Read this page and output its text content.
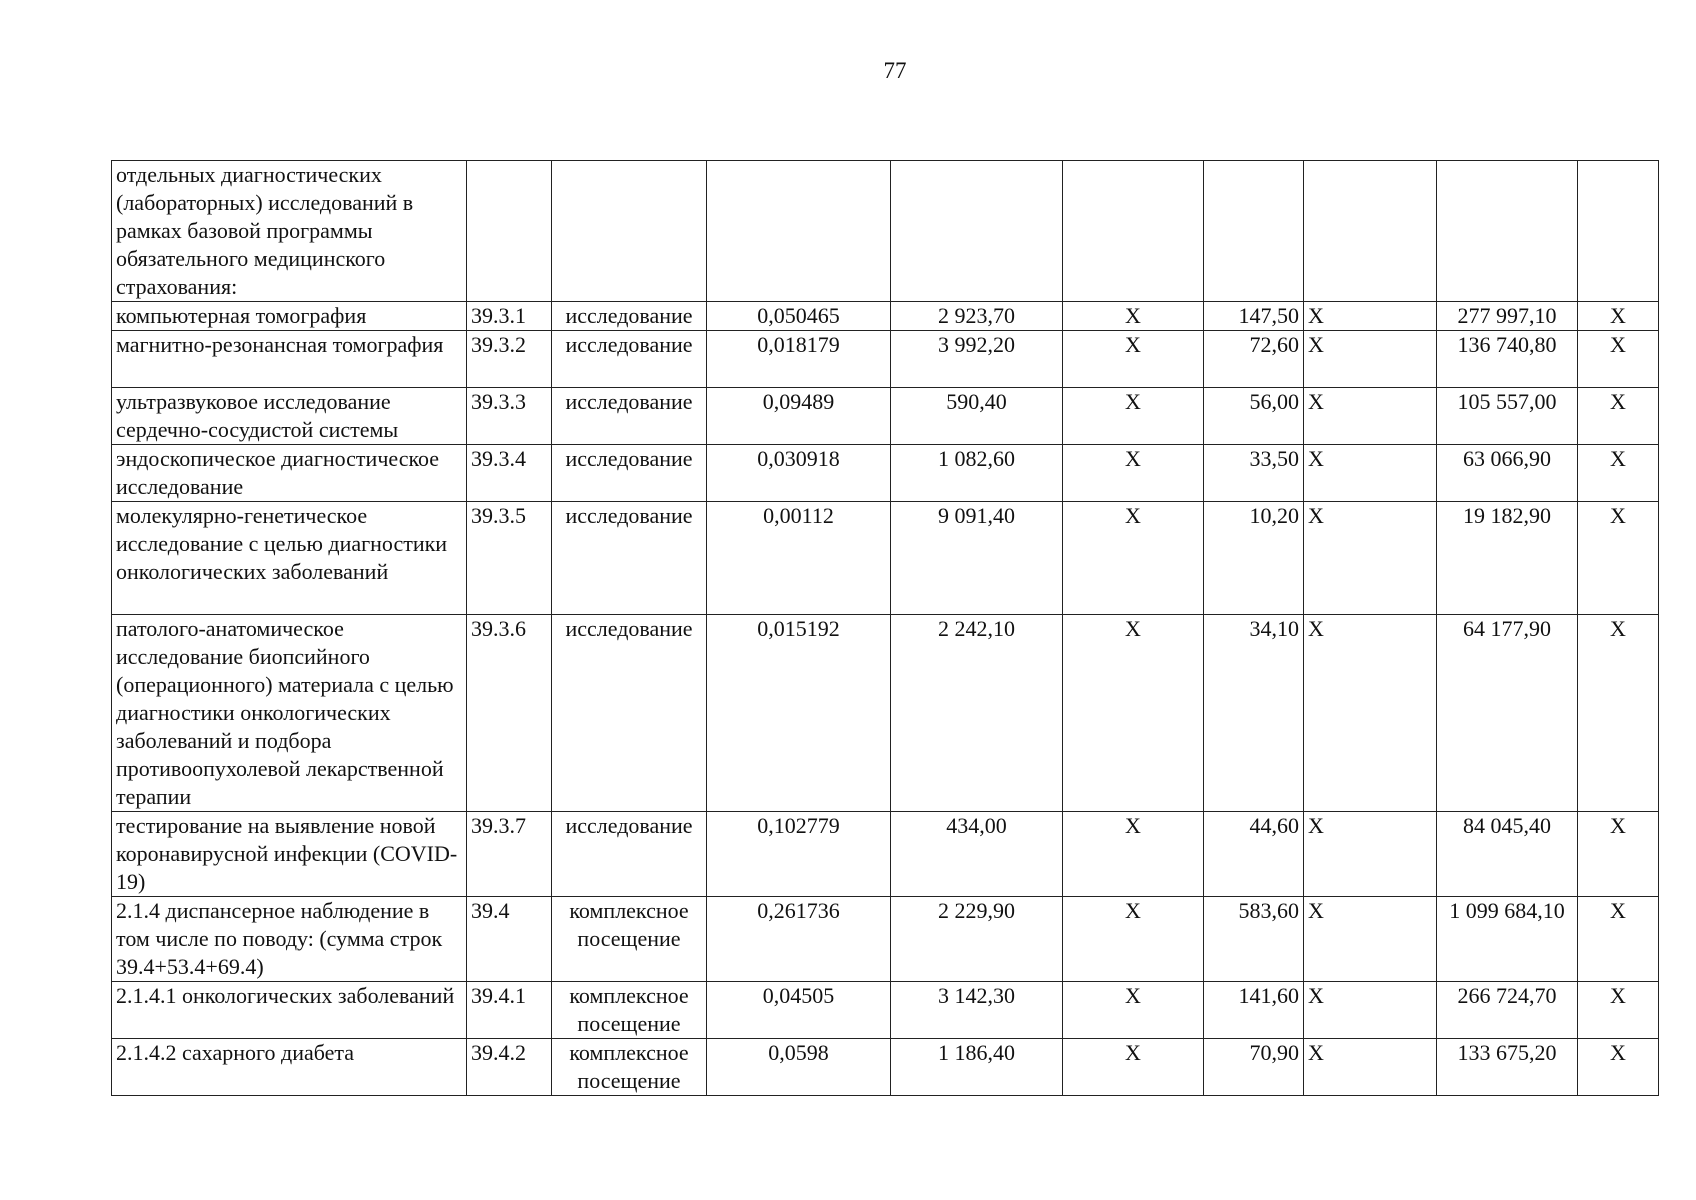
77
отдельных диагностических (лабораторных) исследований в рамках базовой программы обязательного медицинского страхования:									
компьютерная томография	39.3.1	исследование	0,050465	2 923,70	X	147,50	X	277 997,10	X
магнитно-резонансная томография	39.3.2	исследование	0,018179	3 992,20	X	72,60	X	136 740,80	X
ультразвуковое исследование сердечно-сосудистой системы	39.3.3	исследование	0,09489	590,40	X	56,00	X	105 557,00	X
эндоскопическое диагностическое исследование	39.3.4	исследование	0,030918	1 082,60	X	33,50	X	63 066,90	X
молекулярно-генетическое исследование с целью диагностики онкологических заболеваний	39.3.5	исследование	0,00112	9 091,40	X	10,20	X	19 182,90	X
патолого-анатомическое исследование биопсийного (операционного) материала с целью диагностики онкологических заболеваний и подбора противоопухолевой лекарственной терапии	39.3.6	исследование	0,015192	2 242,10	X	34,10	X	64 177,90	X
тестирование на выявление новой коронавирусной инфекции (COVID-19)	39.3.7	исследование	0,102779	434,00	X	44,60	X	84 045,40	X
2.1.4 диспансерное наблюдение в том числе по поводу: (сумма строк 39.4+53.4+69.4)	39.4	комплексное посещение	0,261736	2 229,90	X	583,60	X	1 099 684,10	X
2.1.4.1 онкологических заболеваний	39.4.1	комплексное посещение	0,04505	3 142,30	X	141,60	X	266 724,70	X
2.1.4.2 сахарного диабета	39.4.2	комплексное посещение	0,0598	1 186,40	X	70,90	X	133 675,20	X
